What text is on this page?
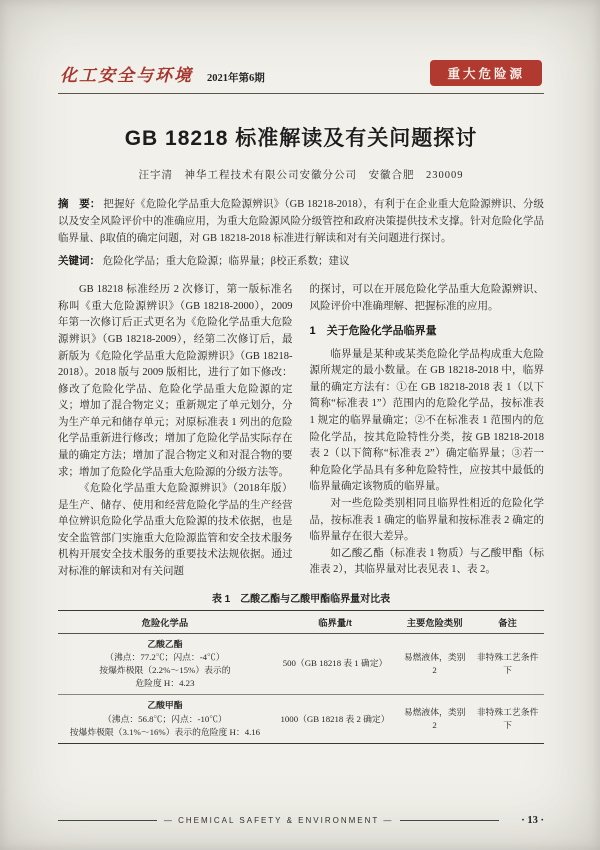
化工安全与环境 2021年第6期	重大危险源
GB 18218 标准解读及有关问题探讨
汪宇清　神华工程技术有限公司安徽分公司　安徽合肥　230009

摘　要： 把握好《危险化学品重大危险源辨识》（GB 18218-2018），有利于在企业重大危险源辨识、分级以及安全风险评价中的准确应用，为重大危险源风险分级管控和政府决策提供技术支撑。针对危险化学品临界量、β取值的确定问题，对 GB 18218-2018 标准进行解读和对有关问题进行探讨。

关键词： 危险化学品；重大危险源；临界量；β校正系数；建议

GB 18218 标准经历 2 次修订，第一版标准名称叫《重大危险源辨识》（GB 18218-2000），2009 年第一次修订后正式更名为《危险化学品重大危险源辨识》（GB 18218-2009），经第二次修订后，最新版为《危险化学品重大危险源辨识》（GB 18218-2018）。2018 版与 2009 版相比，进行了如下修改：修改了危险化学品、危险化学品重大危险源的定义；增加了混合物定义；重新规定了单元划分，分为生产单元和储存单元；对原标准表 1 列出的危险化学品重新进行修改；增加了危险化学品实际存在量的确定方法；增加了混合物定义和对混合物的要求；增加了危险化学品重大危险源的分级方法等。

《危险化学品重大危险源辨识》（2018年版）是生产、储存、使用和经营危险化学品的生产经营单位辨识危险化学品重大危险源的技术依据，也是安全监管部门实施重大危险源监管和安全技术服务机构开展安全技术服务的重要技术法规依据。通过对标准的解读和对有关问题

的探讨，可以在开展危险化学品重大危险源辨识、风险评价中准确理解、把握标准的应用。

1　关于危险化学品临界量

临界量是某种或某类危险化学品构成重大危险源所规定的最小数量。在 GB 18218-2018 中，临界量的确定方法有：①在 GB 18218-2018 表 1（以下简称“标准表 1”）范围内的危险化学品，按标准表 1 规定的临界量确定；②不在标准表 1 范围内的危险化学品，按其危险特性分类，按 GB 18218-2018 表 2（以下简称“标准表 2”）确定临界量；③若一种危险化学品具有多种危险特性，应按其中最低的临界量确定该物质的临界量。

对一些危险类别相同且临界性相近的危险化学品，按标准表 1 确定的临界量和按标准表 2 确定的临界量存在很大差异。

如乙酸乙酯（标准表 1 物质）与乙酸甲酯（标准表 2），其临界量对比表见表 1、表 2。

表 1　乙酸乙酯与乙酸甲酯临界量对比表
危险化学品	临界量/t	主要危险类别	备注

乙酸乙酯
（沸点：77.2℃；闪点：-4℃）
按爆炸极限（2.2%～15%）表示的
危险度 H：4.23	500（GB 18218 表 1 确定）	易燃液体，类别 2	非特殊工艺条件下

乙酸甲酯
（沸点：56.8℃；闪点：-10℃）
按爆炸极限（3.1%～16%）表示的危险度 H：4.16	1000（GB 18218 表 2 确定）	易燃液体，类别 2	非特殊工艺条件下
— CHEMICAL SAFETY & ENVIRONMENT —	· 13 ·
